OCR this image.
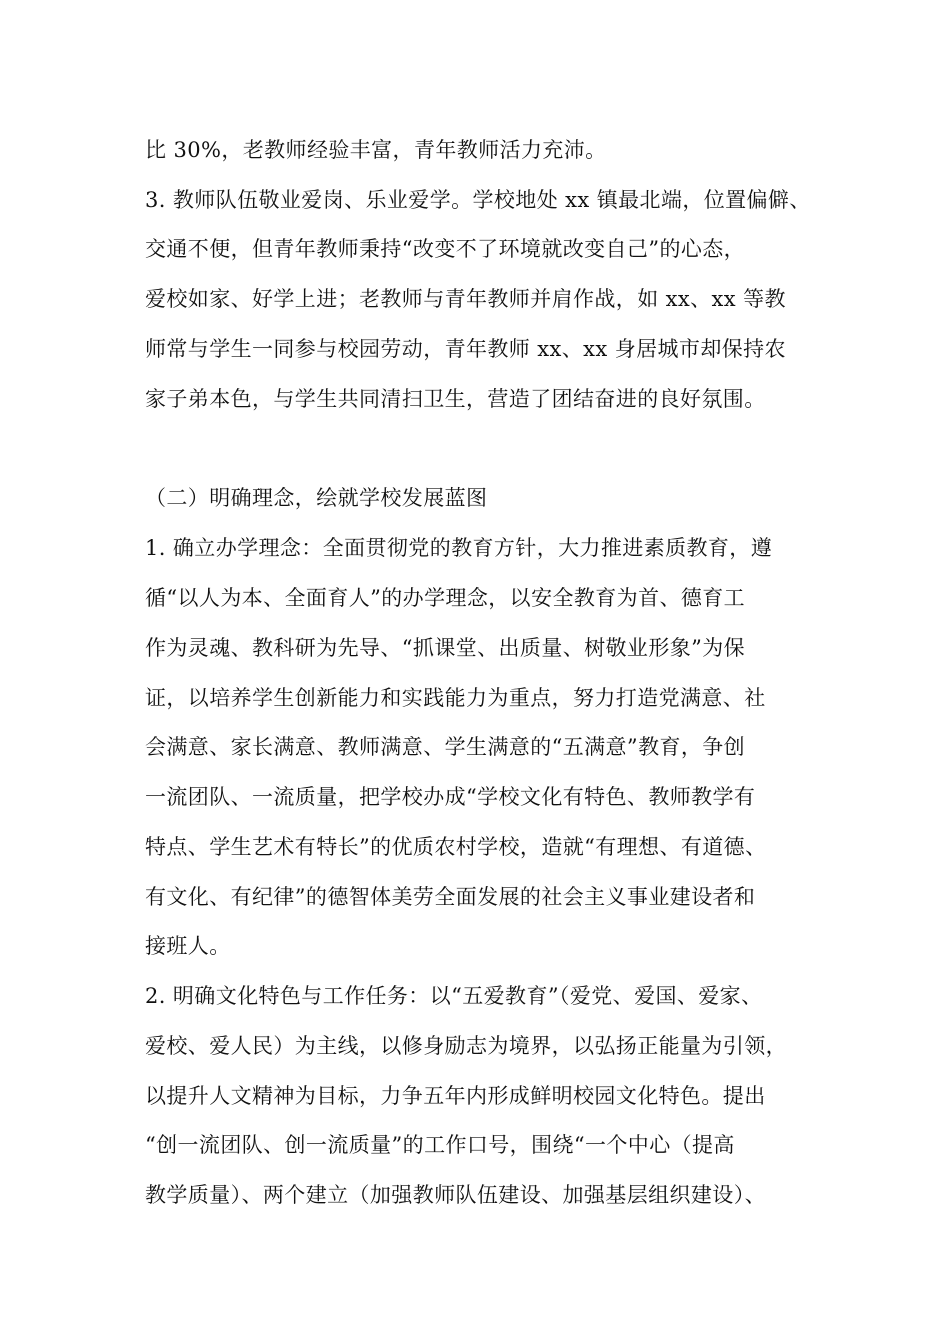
比 30%，老教师经验丰富，青年教师活力充沛。
3. 教师队伍敬业爱岗、乐业爱学。学校地处 xx 镇最北端，位置偏僻、
交通不便，但青年教师秉持“改变不了环境就改变自己”的心态，
爱校如家、好学上进；老教师与青年教师并肩作战，如 xx、xx 等教
师常与学生一同参与校园劳动，青年教师 xx、xx 身居城市却保持农
家子弟本色，与学生共同清扫卫生，营造了团结奋进的良好氛围。
（二）明确理念，绘就学校发展蓝图
1. 确立办学理念：全面贯彻党的教育方针，大力推进素质教育，遵
循“以人为本、全面育人”的办学理念，以安全教育为首、德育工
作为灵魂、教科研为先导、“抓课堂、出质量、树敬业形象”为保
证，以培养学生创新能力和实践能力为重点，努力打造党满意、社
会满意、家长满意、教师满意、学生满意的“五满意”教育，争创
一流团队、一流质量，把学校办成“学校文化有特色、教师教学有
特点、学生艺术有特长”的优质农村学校，造就“有理想、有道德、
有文化、有纪律”的德智体美劳全面发展的社会主义事业建设者和
接班人。
2. 明确文化特色与工作任务：以“五爱教育”（爱党、爱国、爱家、
爱校、爱人民）为主线，以修身励志为境界，以弘扬正能量为引领，
以提升人文精神为目标，力争五年内形成鲜明校园文化特色。提出
“创一流团队、创一流质量”的工作口号，围绕“一个中心（提高
教学质量）、两个建立（加强教师队伍建设、加强基层组织建设）、
